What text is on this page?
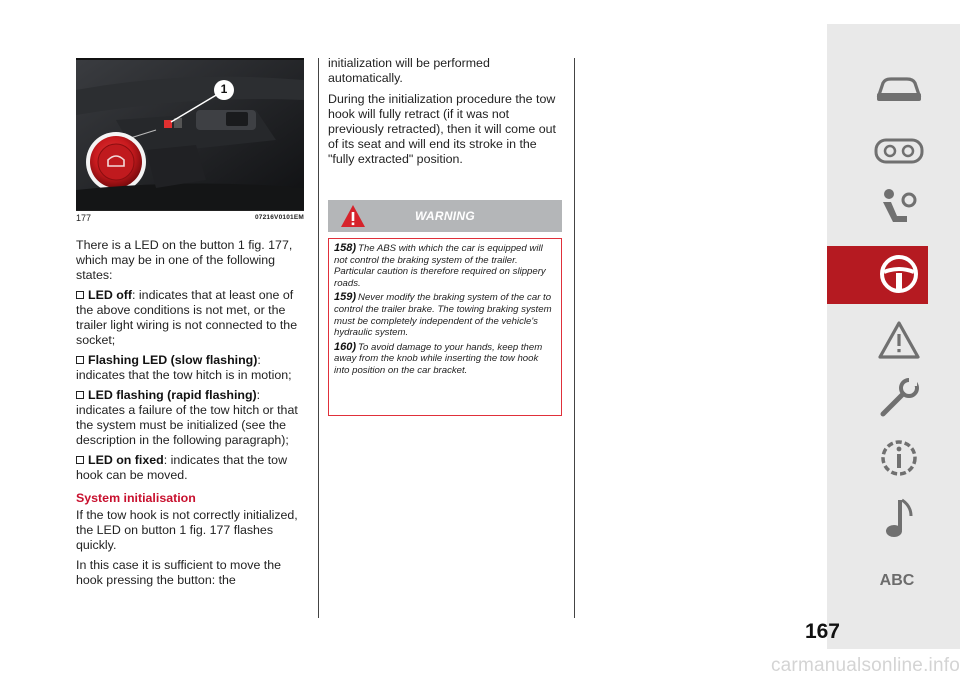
1
177	07216V0101EM

There is a LED on the button 1 fig. 177, which may be in one of the following states:

LED off: indicates that at least one of the above conditions is not met, or the trailer light wiring is not connected to the socket;
Flashing LED (slow flashing): indicates that the tow hitch is in motion;
LED flashing (rapid flashing): indicates a failure of the tow hitch or that the system must be initialized (see the description in the following paragraph);
LED on fixed: indicates that the tow hook can be moved.
System initialisation

If the tow hook is not correctly initialized, the LED on button 1 fig. 177 flashes quickly.

In this case it is sufficient to move the hook pressing the button: the

initialization will be performed automatically.

During the initialization procedure the tow hook will fully retract (if it was not previously retracted), then it will come out of its seat and will end its stroke in the "fully extracted" position.

WARNING
158) The ABS with which the car is equipped will not control the braking system of the trailer. Particular caution is therefore required on slippery roads.
159) Never modify the braking system of the car to control the trailer brake. The towing braking system must be completely independent of the vehicle's hydraulic system.
160) To avoid damage to your hands, keep them away from the knob while inserting the tow hook into position on the car bracket.
ABC
167
carmanualsonline.info
